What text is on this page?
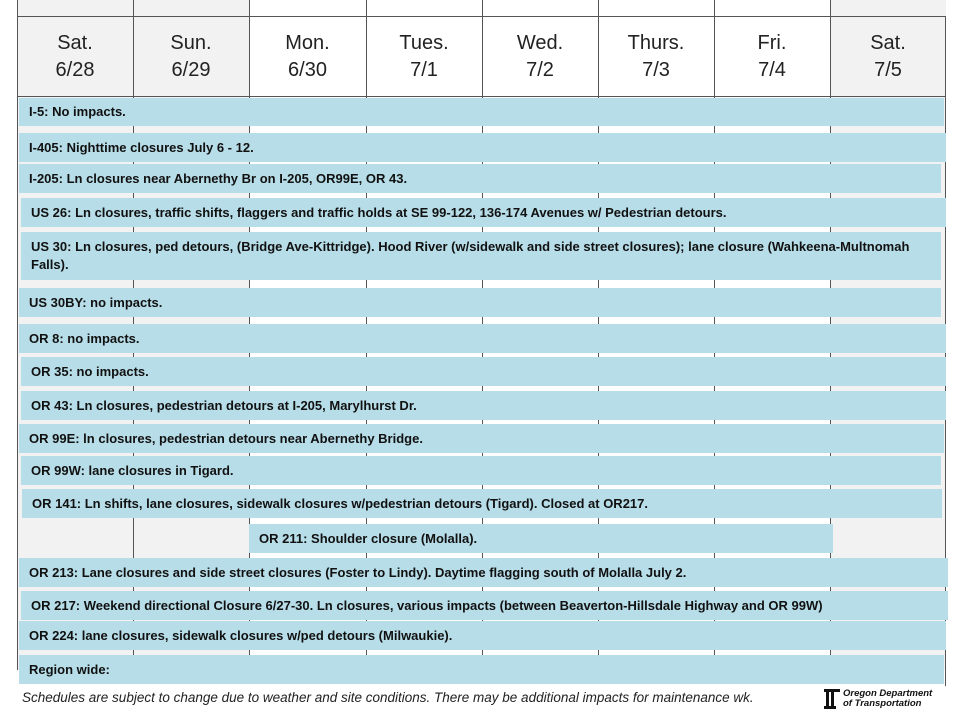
Sat.
6/28
Sun.
6/29
Mon.
6/30
Tues.
7/1
Wed.
7/2
Thurs.
7/3
Fri.
7/4
Sat.
7/5
I-5: No impacts.
I-405: Nighttime closures July 6 - 12.
I-205: Ln closures near Abernethy Br on I-205, OR99E, OR 43.
US 26: Ln closures, traffic shifts, flaggers and traffic holds at SE 99-122, 136-174 Avenues w/ Pedestrian detours.
US 30: Ln closures, ped detours, (Bridge Ave-Kittridge). Hood River (w/sidewalk and side street closures); lane closure (Wahkeena-Multnomah Falls).
US 30BY: no impacts.
OR 8: no impacts.
OR 35: no impacts.
OR 43: Ln closures, pedestrian detours at I-205, Marylhurst Dr.
OR 99E: ln closures, pedestrian detours near Abernethy Bridge.
OR 99W: lane closures in Tigard.
OR 141: Ln shifts, lane closures, sidewalk closures w/pedestrian detours (Tigard). Closed at OR217.
OR 211: Shoulder closure (Molalla).
OR 213: Lane closures and side street closures (Foster to Lindy). Daytime flagging south of Molalla July 2.
OR 217: Weekend directional Closure 6/27-30. Ln closures, various impacts (between Beaverton-Hillsdale Highway and OR 99W)
OR 224: lane closures, sidewalk closures w/ped detours (Milwaukie).
Region wide:
Schedules are subject to change due to weather and site conditions. There may be additional impacts for maintenance wk.	Oregon Department
of Transportation
